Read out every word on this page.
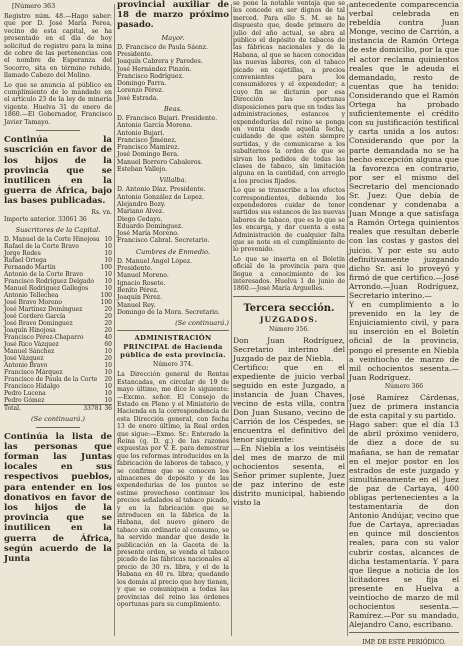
[Número 363

Registro núm. 48.—Hago saber: que por D. José María Perea, vecino de esta capital, se ha presentado en el día de hoy solicitud de registro para la mina de cobre de las pertenencias con el nombre de Esperanza del Socorro, sita en término rehido, llamado Cabezo del Molino.

Lo que se anuncia al público en cumplimiento de lo mandado en el artículo 23 de la ley de minería vigente. Huelva 31 de enero de 1860.—El Gobernador, Francisco Javier Tamayo.

Continúa la suscrición en favor de los hijos de la provincia que se inutilicen en la guerra de África, bajo las bases publicadas.

Rs. vn.
Importe anterior. 33061 36
Suscritores de la Capital.
D. Manuel de la Corte Hinojosa 10
Rafael de la Corte Bravo	10
Jorge Rodes	10
Rafael Ortega	10
Fernando Martín	100
Antonio de la Corte Bravo	10
Francisco Rodríguez Delgado	10
Manuel Rodríguez Gallegos	10
Antonio Tellechea	100
José Bravo Moreno	100
José Martínez Domínguez	20
José Cordero García	20
José Bravo Domínguez	20
Joaquín Hinojosa	20
Francisco Pérez-Chaparro	40
José Rico Vázquez	60
Manuel Sánchez	10
José Vázquez	20
Antonio Bravo	10
Francisco Márquez	10
Francisco de Paula de la Corte	20
Francisco Hidalgo	10
Pedro Lucena	10
Pedro Gómez	10
Total.	33781 36
(Se continuará.)

Continúa la lista de las personas que forman las Juntas locales en sus respectivos pueblos, para entender en los donativos en favor de los hijos de la provincia que se inutilicen en la guerra de África, según acuerdo de la Junta

provincial auxiliar de 18 de marzo próximo pasado.

Mayor.
D. Francisco de Paula Sáenz. Presidente.
Joaquín Cabrera y Paredes.
José Hernández Pinzón.
Francisco Rodríguez.
Domingo Parra.
Lorenzo Pérez.
José Estrada.
Beas.
D. Francisco Bujari. Presidente.
Antonio García Moreno.
Antonio Bujari.
Francisco Jiménez.
Francisco Mamirez.
José Domingo Bera.
Manuel Borrero Cabaleros.
Esteban Vallejo.
Villalba.
D. Antonio Díaz. Presidente.
Antonio González de Lepez.
Alejandro Bozy.
Mariano Alvez.
Diego Cedayo.
Eduardo Domínguez.
José María Moreno.
Francisco Cabral. Secretario.
Cumbres de Enmedio.
D. Manuel Ángel López. Presidente.
Manuel Moreno.
Ignacio Rosete.
Benito Pérez.
Joaquín Pérez.
Manuel Rey.
Domingo de la Mora. Secretario.
(Se continuará.)
ADMINISTRACIÓN PRINCIPAL de Hacienda pública de esta provincia.
Número 374.

La Dirección general de Rentas Estancadas, en circular de 19 de mayo último, me dice lo siguiente: —Excmo. señor. El Consejo de Estado en Pleno y el Ministerio de Hacienda en la correspondencia de esta Dirección general, con fecha 13 de enero último, la Real orden que sigue:—Exmo. Sr.: Enterado la Reina (q. D. g.) de las razones expuestas por V. E. para demostrar que los reformas introducidos en la fabricación de labores de tabaco, y se confirme que se conocen los almacenes de depósito y de las expendedurías de los puntos se estime provechoso continuar los precios señalados al tabaco picado, y en la fabricación que se introducen en la fábrica de la Habana, del nuevo género de tabaco sin ordinario al consumo, se ha servido mandar que desde la publicación en la Gaceta de la presente orden, se venda el tabaco picado de las fábricas nacionales al precio de 30 rs. libra, y el de la Habana en 40 rs. libra; quedando los demás al precio que hoy tienen, y que se comuniquen a todas las provincias del reino las órdenes oportunas para su cumplimiento.

se pone la notable ventaja que se les concede en ser dignos de tal merced. Para ello S. M. se ha dispuesto que, desde primero de julio del año actual, se abra al público el depósito de tabacos de las fábricas nacionales y de la Habana, al que se hacen conocidas las nuevas labores, con el tabaco picado en cajetillas, a precios convenientes para los consumidores y el expendedor; a cuyo fin se dictarán por esa Dirección las oportunas disposiciones para que en todas las administraciones, estancos y expendedurías del reino se ponga en venta desde aquella fecha, cuidando de que estén siempre surtidas, y de comunicarse a los subalternos la orden de que se sirvan los pedidos de todas las clases de tabaco, sin limitación alguna en la cantidad, con arreglo a los precios fijados.

Lo que se transcribe a los efectos correspondientes, debiendo los expendedores cuidar de tener surtidos sus estancos de las nuevas labores de tabaco, que es lo que se les encarga, y dar cuenta a esta Administración de cualquier falta que se note en el cumplimiento de lo prevenido.

Lo que se inserta en el Boletín oficial de la provincia para que llegue a conocimiento de los interesados. Huelva 1 de junio de 1860.—José María Arguelles.

Tercera sección.
JUZGADOS.
Número 356.

Don Juan Rodríguez, Secretario interino del Juzgado de paz de Niebla.

Certifico: que en el expediente de juicio verbal seguido en este Juzgado, a instancia de Juan Chaves, vecino de esta villa, contra Don Juan Susano, vecino de Carrión de los Céspedes, se encuentra el definitivo del tenor siguiente:

—En Niebla a los veintiséis del mes de marzo de mil ochocientos sesenta, el Señor primer suplente, Juez de paz interino de este distrito municipal, habiendo visto la

antecedente comparecencia verbal celebrada en rebeldía contra Juan Monge, vecino de Carrión, a instancia de Ramón Ortega de este domicilio, por la que el actor reclama quinientos reales que le adeuda el demandado, resto de cuentas que ha tenido: Considerando que el Ramón Ortega ha probado suficientemente el crédito con su justificación testifical y carta unida a los autos: Considerando que por la parte demandada no se ha hecho excepción alguna que la favorezca en contrario, por ser el mismo del Secretario del mencionado Sr. Juez: Que debía de condenar y condenaba a Juan Monge a que satisfaga a Ramón Ortega quinientos reales que resultan deberle con las costas y gastos del juicio. Y por este su auto definitivamente juzgando dicho Sr. así lo proveyó y firmó de que certifico.—José Arrondo.—Juan Rodríguez, Secretario interino.—

Y en cumplimiento a lo prevenido en la ley de Enjuiciamiento civil, y para su inserción en el Boletín oficial de la provincia, pongo el presente en Niebla a veintiocho de marzo de mil ochocientos sesenta.—Juan Rodríguez.

Número 366

José Ramírez Cárdenas, Juez de primera instancia de esta capital y su partido.

Hago saber: que el día 13 de abril próximo venidero, de diez a doce de su mañana, se han de rematar en el mejor postor en los estrados de este juzgado y simultáneamente en el Juez de paz de Cartaya, 400 obligas pertenecientes a la testamentaría de don Antonio Andújar, vecino que fue de Cartaya, apreciadas en quince mil doscientos reales, para con su valor cubrir costas, alcances de dicha testamentaría. Y para que llegue a noticia de los licitadores se fija el presente en Huelva a veintiocho de marzo de mil ochocientos sesenta.—Ramírez.—Por su mandado, Alejandro Cano, escribano.

IMP. DE ESTE PERIÓDICO.
